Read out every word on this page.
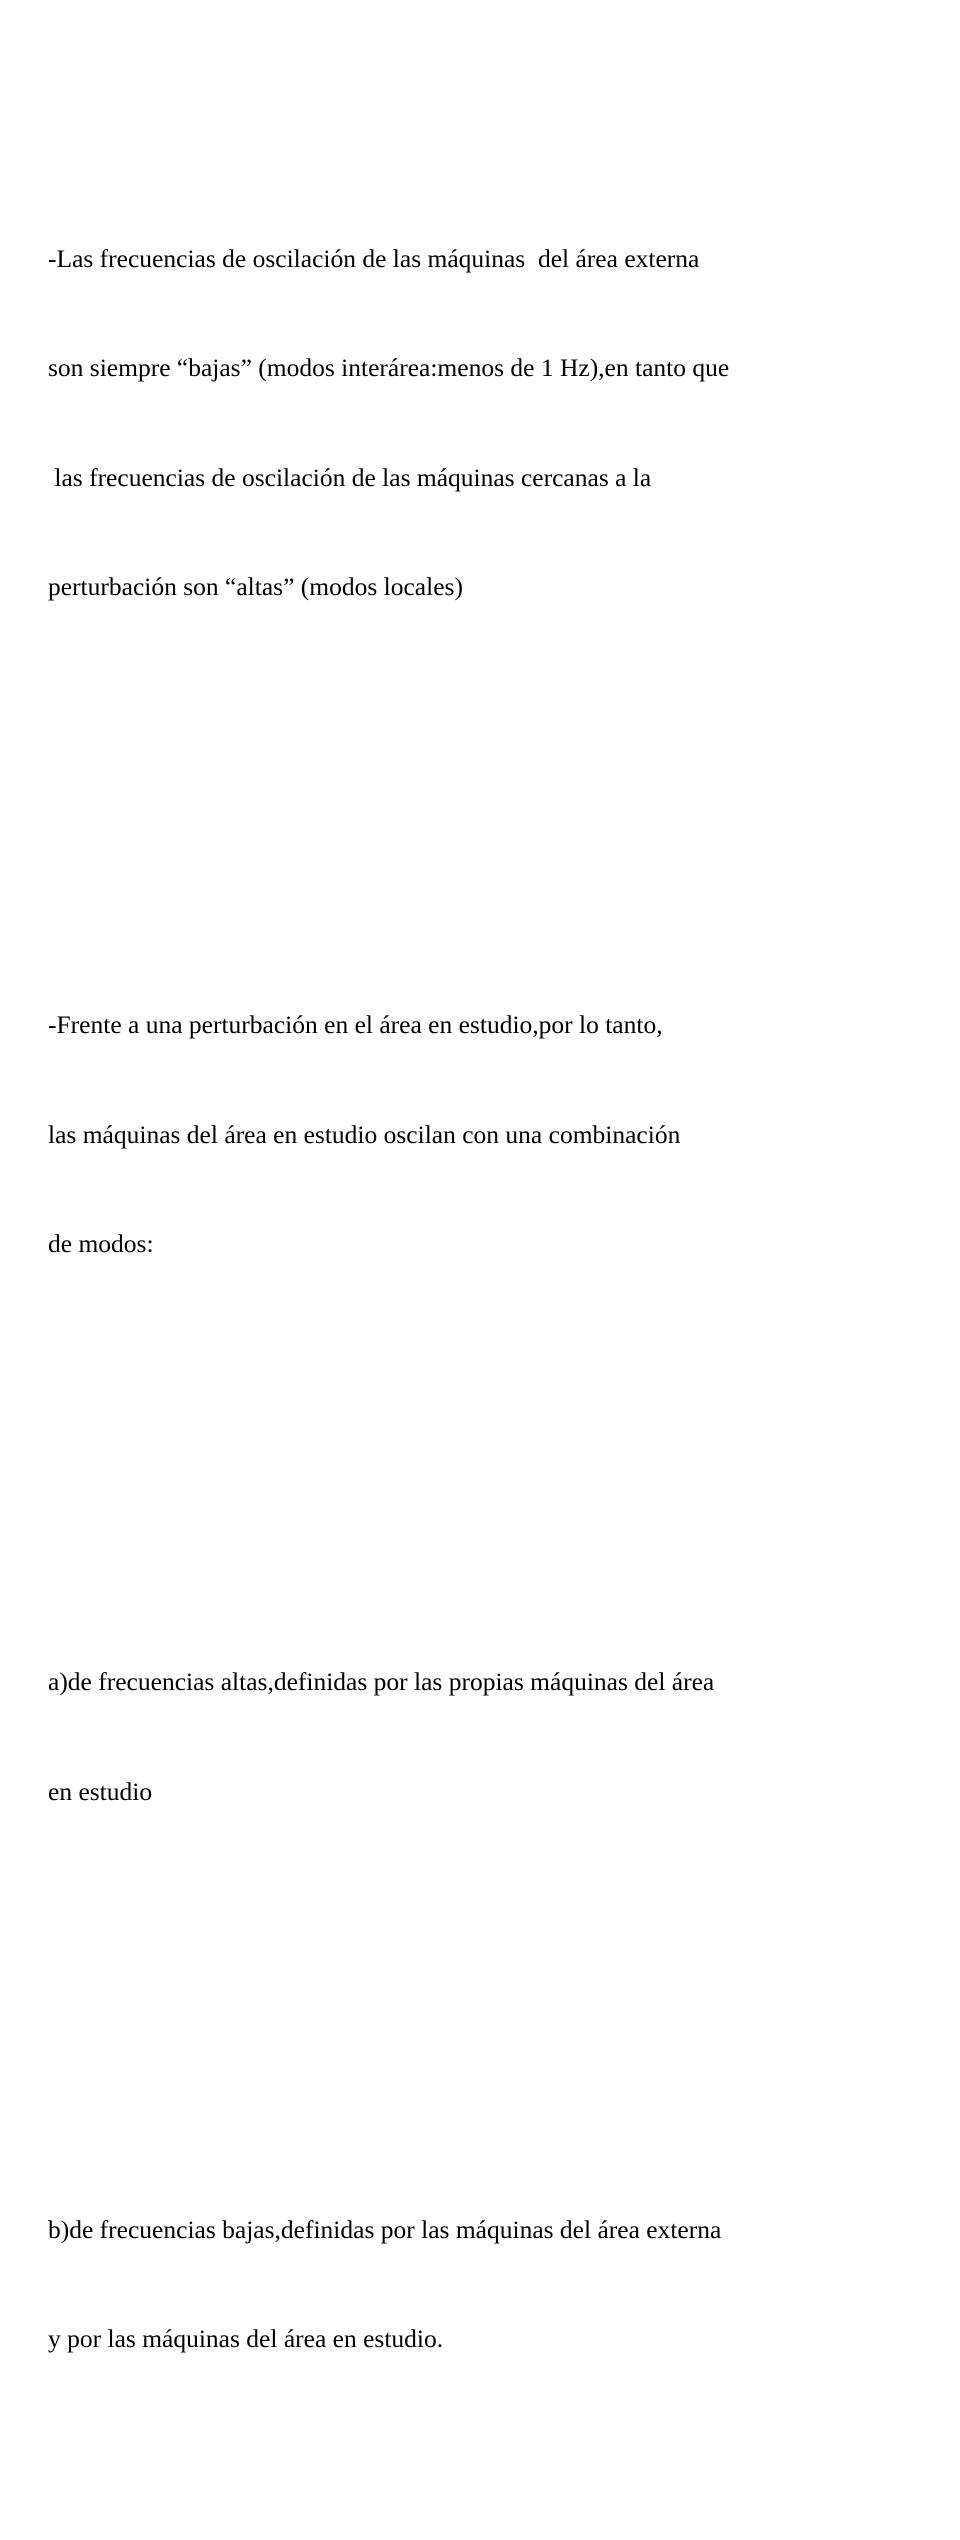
-Las frecuencias de oscilación de las máquinas  del área externa

son siempre “bajas” (modos interárea:menos de 1 Hz),en tanto que

las frecuencias de oscilación de las máquinas cercanas a la

perturbación son “altas” (modos locales)

-Frente a una perturbación en el área en estudio,por lo tanto,

las máquinas del área en estudio oscilan con una combinación

de modos:

a)de frecuencias altas,definidas por las propias máquinas del área

en estudio

b)de frecuencias bajas,definidas por las máquinas del área externa

y por las máquinas del área en estudio.
